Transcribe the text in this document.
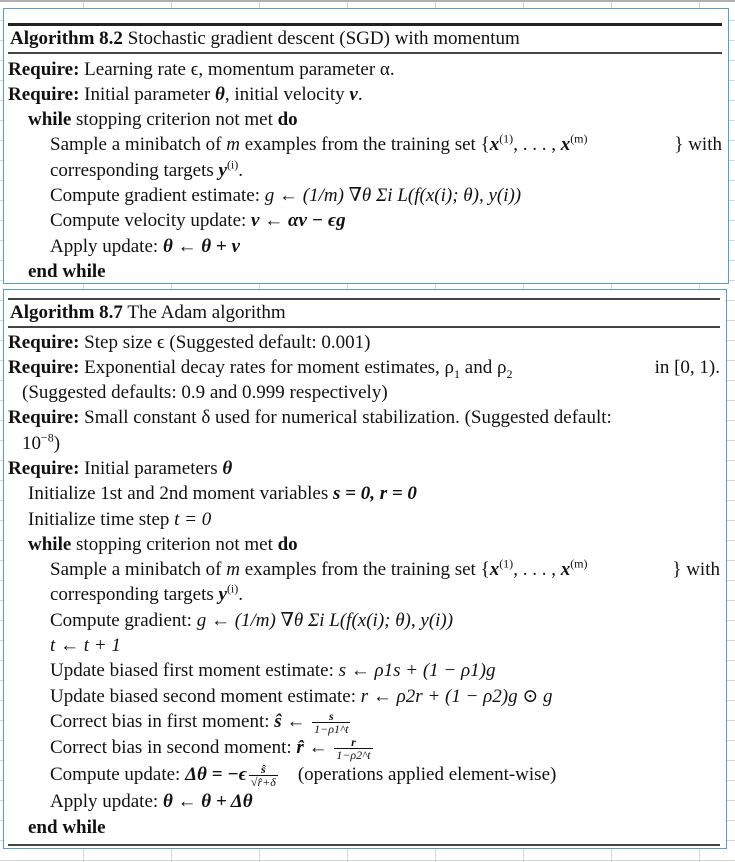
Algorithm 8.2 Stochastic gradient descent (SGD) with momentum
Require: Learning rate ϵ, momentum parameter α.
Require: Initial parameter θ, initial velocity v.
while stopping criterion not met do
Sample a minibatch of m examples from the training set {$x^{(1)}$, . . . , $x^{(m)}$	} with
corresponding targets $y^{(i)}$.
Compute gradient estimate: g ← (1/m) ∇θ Σi L(f(x(i); θ), y(i))
Compute velocity update: v ← αv − ϵg
Apply update: θ ← θ + v
end while
Algorithm 8.7 The Adam algorithm
Require: Step size ϵ (Suggested default: 0.001)
Require: Exponential decay rates for moment estimates, $\rho_1$ and $\rho_2$	in [0, 1).
(Suggested defaults: 0.9 and 0.999 respectively)
Require: Small constant δ used for numerical stabilization. (Suggested default:
$10^{-8}$)
Require: Initial parameters θ
Initialize 1st and 2nd moment variables s = 0, r = 0
Initialize time step t = 0
while stopping criterion not met do
Sample a minibatch of m examples from the training set {$x^{(1)}$, . . . , $x^{(m)}$	} with
corresponding targets $y^{(i)}$.
Compute gradient: g ← (1/m) ∇θ Σi L(f(x(i); θ), y(i))
t ← t + 1
Update biased first moment estimate: s ← ρ1s + (1 − ρ1)g
Update biased second moment estimate: r ← ρ2r + (1 − ρ2)g ⊙ g
Correct bias in first moment: ŝ ← $\frac{s}{1-\rho 1\^{}t}$
Correct bias in second moment: r̂ ← $\frac{r}{1-\rho 2\^{}t}$
Compute update: $\Delta\theta = -\epsilon \frac{ŝ}{√r̂+\delta}$ (operations applied element-wise)
Apply update: θ ← θ + Δθ
end while
